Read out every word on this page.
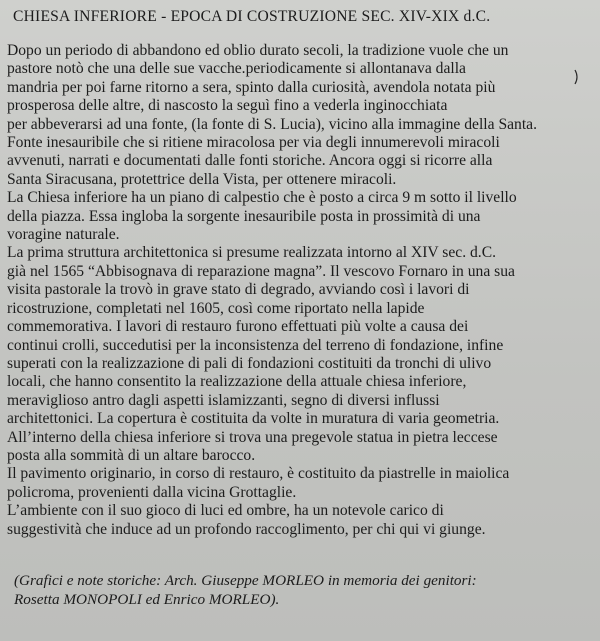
CHIESA INFERIORE - EPOCA DI COSTRUZIONE SEC. XIV-XIX d.C.
Dopo un periodo di abbandono ed oblio durato secoli, la tradizione vuole che un
pastore notò che una delle sue vacche.periodicamente si allontanava dalla
mandria per poi farne ritorno a sera, spinto dalla curiosità, avendola notata più
prosperosa delle altre, di nascosto la seguì fino a vederla inginocchiata
per abbeverarsi ad una fonte, (la fonte di S. Lucia), vicino alla immagine della Santa.
Fonte inesauribile che si ritiene miracolosa per via degli innumerevoli miracoli
avvenuti, narrati e documentati dalle fonti storiche. Ancora oggi si ricorre alla
Santa Siracusana, protettrice della Vista, per ottenere miracoli.
La Chiesa inferiore ha un piano di calpestio che è posto a circa 9 m sotto il livello
della piazza. Essa ingloba la sorgente inesauribile posta in prossimità di una
voragine naturale.
La prima struttura architettonica si presume realizzata intorno al XIV sec. d.C.
già nel 1565 “Abbisognava di reparazione magna”. Il vescovo Fornaro in una sua
visita pastorale la trovò in grave stato di degrado, avviando così i lavori di
ricostruzione, completati nel 1605, così come riportato nella lapide
commemorativa. I lavori di restauro furono effettuati più volte a causa dei
continui crolli, succedutisi per la inconsistenza del terreno di fondazione, infine
superati con la realizzazione di pali di fondazioni costituiti da tronchi di ulivo
locali, che hanno consentito la realizzazione della attuale chiesa inferiore,
meraviglioso antro dagli aspetti islamizzanti, segno di diversi influssi
architettonici. La copertura è costituita da volte in muratura di varia geometria.
All’interno della chiesa inferiore si trova una pregevole statua in pietra leccese
posta alla sommità di un altare barocco.
Il pavimento originario, in corso di restauro, è costituito da piastrelle in maiolica
policroma, provenienti dalla vicina Grottaglie.
L’ambiente con il suo gioco di luci ed ombre, ha un notevole carico di
suggestività che induce ad un profondo raccoglimento, per chi qui vi giunge.
(Grafici e note storiche: Arch. Giuseppe MORLEO in memoria dei genitori:
Rosetta MONOPOLI ed Enrico MORLEO).
